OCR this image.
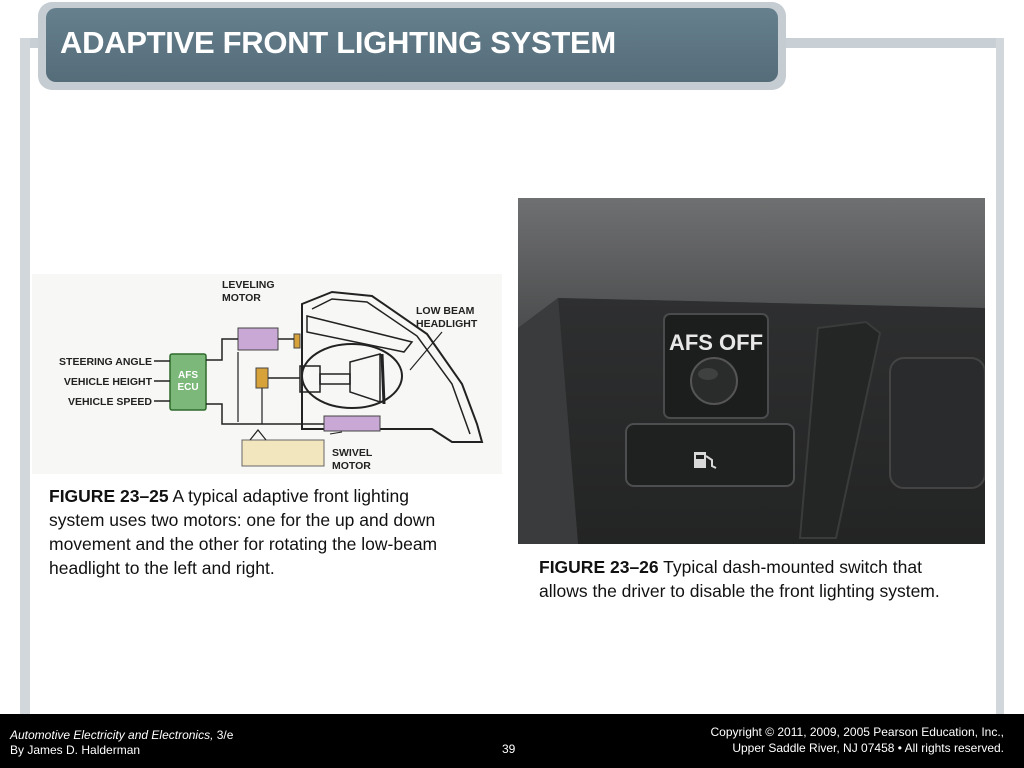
ADAPTIVE FRONT LIGHTING SYSTEM
AFS
ECU
LEVELING
MOTOR
LOW BEAM
HEADLIGHT
STEERING ANGLE
VEHICLE HEIGHT
VEHICLE SPEED
SWIVEL
MOTOR
AFS OFF
FIGURE 23–25 A typical adaptive front lighting system uses two motors: one for the up and down movement and the other for rotating the low-beam headlight to the left and right.	FIGURE 23–26 Typical dash-mounted switch that allows the driver to disable the front lighting system.
Automotive Electricity and Electronics, 3/e
By James D. Halderman	39
Copyright © 2011, 2009, 2005 Pearson Education, Inc.,
Upper Saddle River, NJ 07458 • All rights reserved.
